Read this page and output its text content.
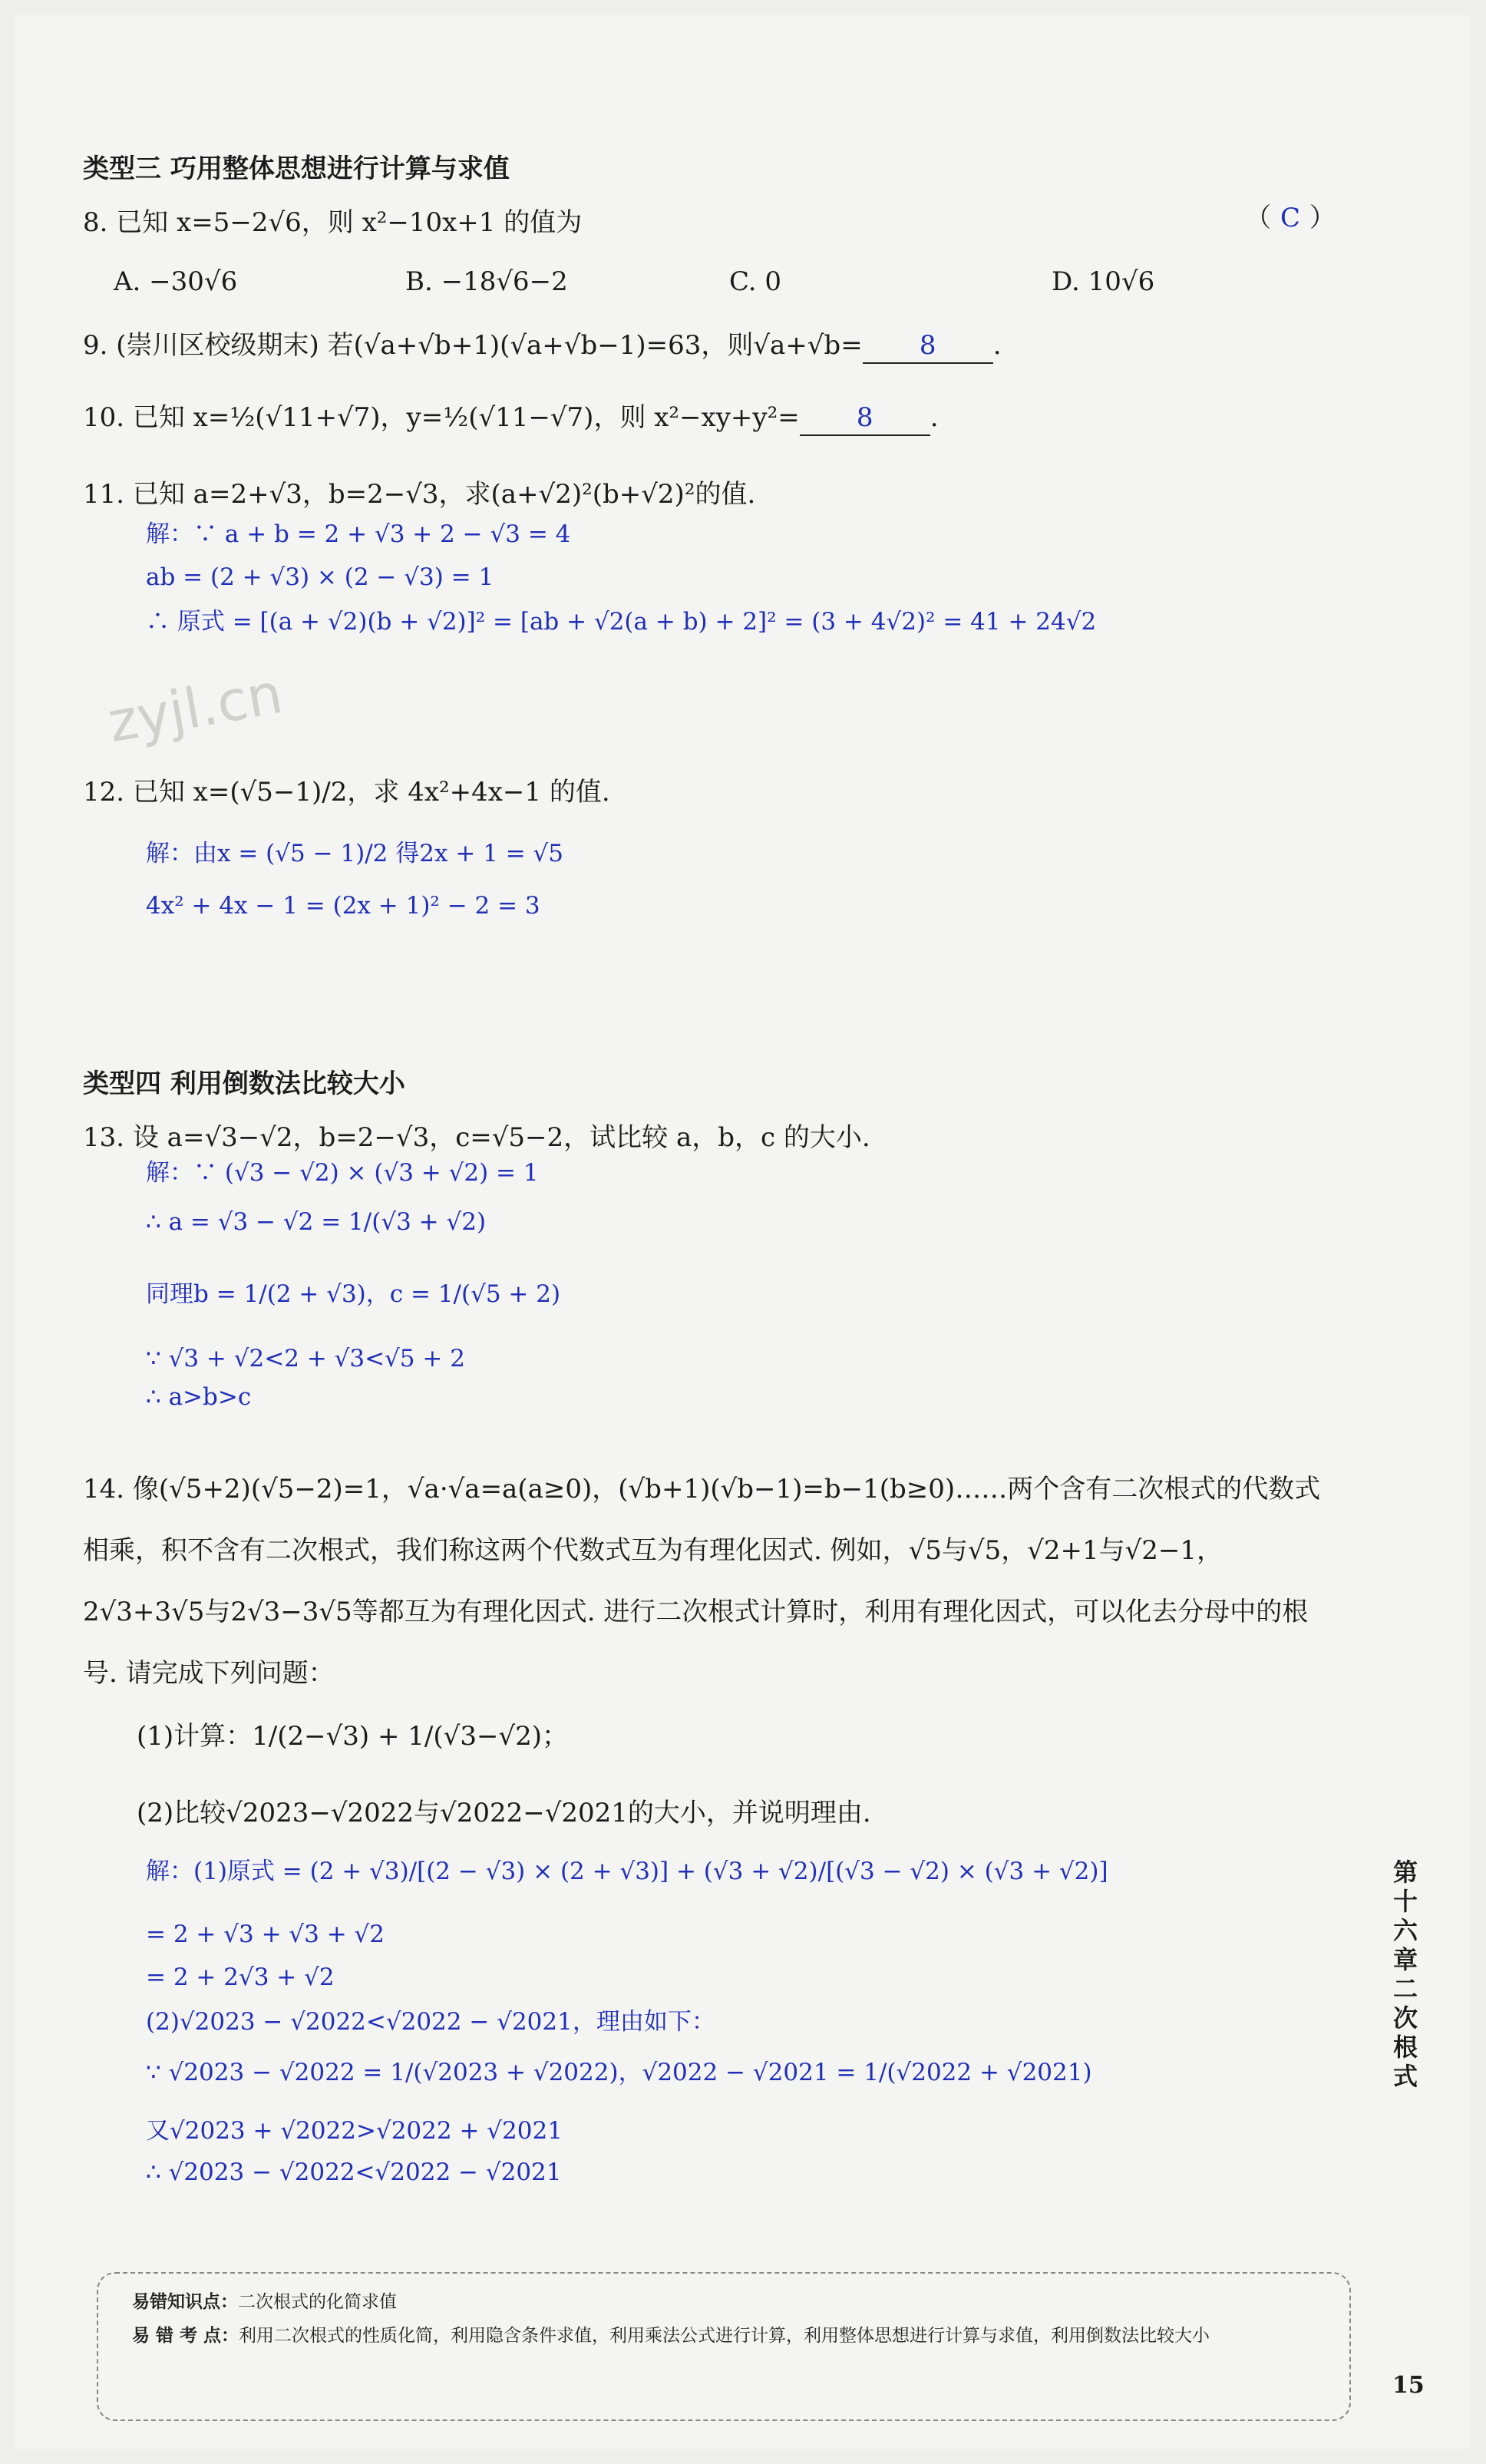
类型三 巧用整体思想进行计算与求值
8. 已知 x=5−2√6，则 x²−10x+1 的值为	（ C ）
A. −30√6	B. −18√6−2	C. 0	D. 10√6
9. (崇川区校级期末) 若(√a+√b+1)(√a+√b−1)=63，则√a+√b= 8 .
10. 已知 x=½(√11+√7)，y=½(√11−√7)，则 x²−xy+y²= 8 .
11. 已知 a=2+√3，b=2−√3，求(a+√2)²(b+√2)²的值.
解：∵ a + b = 2 + √3 + 2 − √3 = 4
ab = (2 + √3) × (2 − √3) = 1
∴ 原式 = [(a + √2)(b + √2)]² = [ab + √2(a + b) + 2]² = (3 + 4√2)² = 41 + 24√2
zyjl.cn
12. 已知 x=(√5−1)/2，求 4x²+4x−1 的值.
解：由x = (√5 − 1)/2 得2x + 1 = √5
4x² + 4x − 1 = (2x + 1)² − 2 = 3
类型四 利用倒数法比较大小
13. 设 a=√3−√2，b=2−√3，c=√5−2，试比较 a，b，c 的大小.
解：∵ (√3 − √2) × (√3 + √2) = 1
∴ a = √3 − √2 = 1/(√3 + √2)
同理b = 1/(2 + √3)，c = 1/(√5 + 2)
∵ √3 + √2<2 + √3<√5 + 2
∴ a>b>c
14. 像(√5+2)(√5−2)=1，√a·√a=a(a≥0)，(√b+1)(√b−1)=b−1(b≥0)……两个含有二次根式的代数式相乘，积不含有二次根式，我们称这两个代数式互为有理化因式. 例如，√5与√5，√2+1与√2−1，2√3+3√5与2√3−3√5等都互为有理化因式. 进行二次根式计算时，利用有理化因式，可以化去分母中的根号. 请完成下列问题：
(1)计算：1/(2−√3) + 1/(√3−√2)；
(2)比较√2023−√2022与√2022−√2021的大小，并说明理由.
解：(1)原式 = (2 + √3)/[(2 − √3) × (2 + √3)] + (√3 + √2)/[(√3 − √2) × (√3 + √2)]
= 2 + √3 + √3 + √2
= 2 + 2√3 + √2
(2)√2023 − √2022<√2022 − √2021，理由如下：
∵ √2023 − √2022 = 1/(√2023 + √2022)，√2022 − √2021 = 1/(√2022 + √2021)
又√2023 + √2022>√2022 + √2021
∴ √2023 − √2022<√2022 − √2021
第十六章 二次根式
易错知识点：二次根式的化简求值
易 错 考 点：利用二次根式的性质化简，利用隐含条件求值，利用乘法公式进行计算，利用整体思想进行计算与求值，利用倒数法比较大小
15
